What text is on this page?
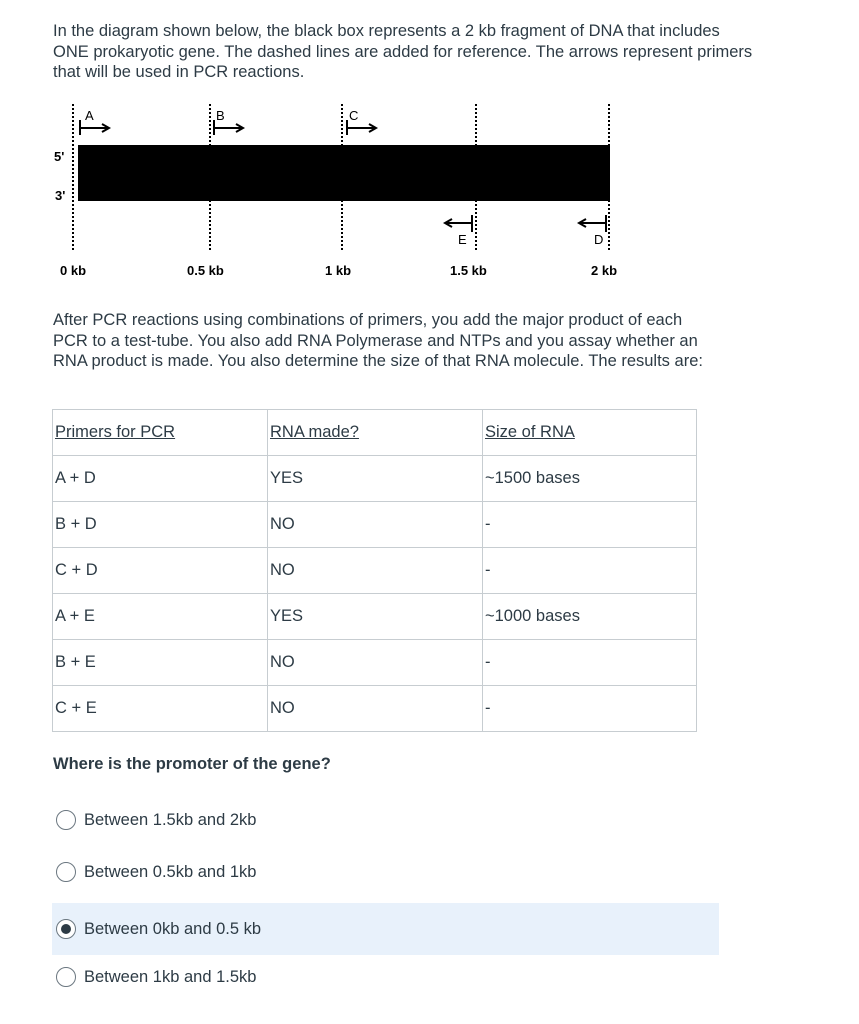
In the diagram shown below, the black box represents a 2 kb fragment of DNA that includes ONE prokaryotic gene. The dashed lines are added for reference. The arrows represent primers that will be used in PCR reactions.

5'
3'
A	B	C
E	D
0 kb	0.5 kb	1 kb	1.5 kb	2 kb

After PCR reactions using combinations of primers, you add the major product of each PCR to a test-tube. You also add RNA Polymerase and NTPs and you assay whether an RNA product is made. You also determine the size of that RNA molecule. The results are:

Primers for PCR	RNA made?	Size of RNA
A + D	YES	~1500 bases
B + D	NO	-
C + D	NO	-
A + E	YES	~1000 bases
B + E	NO	-
C + E	NO	-

Where is the promoter of the gene?

Between 1.5kb and 2kb
Between 0.5kb and 1kb
Between 0kb and 0.5 kb
Between 1kb and 1.5kb
